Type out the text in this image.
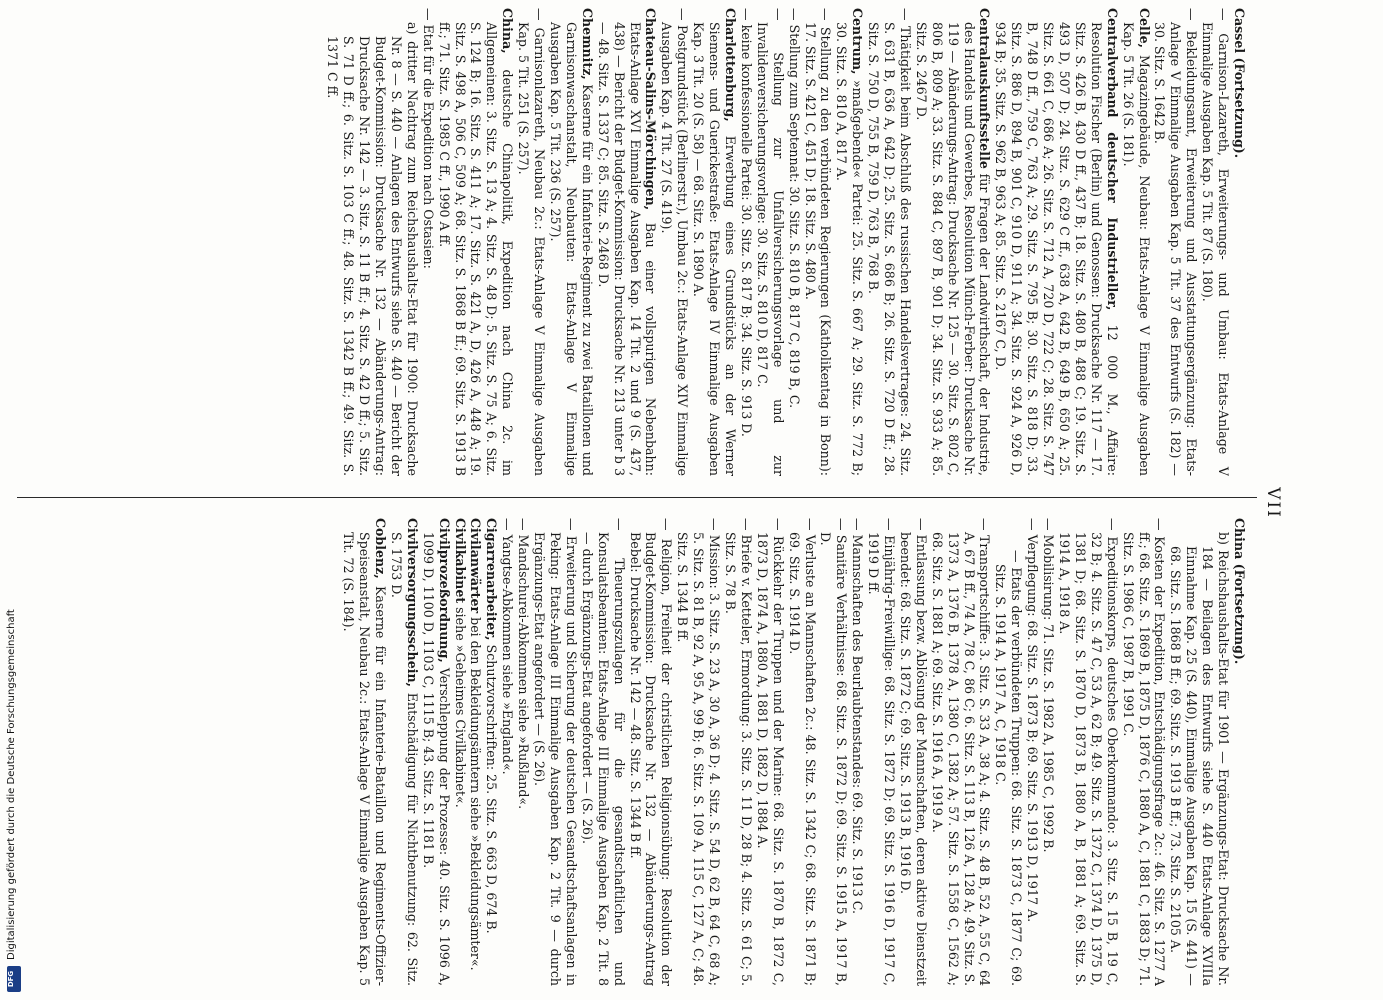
Digitalisierung gefördert durch die Deutsche Forschungsgemeinschaft
DFG
VII

Cassel (Fortsetzung).

— Garnison-Lazareth, Erweiterungs- und Umbau: Etats-Anlage V Einmalige Ausgaben Kap. 5 Tit. 87 (S. 180).

— Bekleidungsamt, Erweiterung und Ausstattungsergänzung: Etats-Anlage V Einmalige Ausgaben Kap. 5 Tit. 37 des Entwurfs (S. 182) — 30. Sitz. S. 1642 B.

Celle, Magazingebäude, Neubau: Etats-Anlage V Einmalige Ausgaben Kap. 5 Tit. 26 (S. 181).

Centralverband deutscher Industrieller, 12 000 M., Affaire: Resolution Fischer (Berlin) und Genossen: Drucksache Nr. 117 — 17. Sitz. S. 426 B, 430 D ff., 437 B; 18. Sitz. S. 480 B, 488 C; 19. Sitz. S. 493 D, 507 D; 24. Sitz. S. 629 C ff., 638 A, 642 B, 649 B, 650 A; 25. Sitz. S. 661 C, 686 A; 26. Sitz. S. 712 A, 720 D, 722 C; 28. Sitz. S. 747 B, 748 D ff., 759 C, 763 A; 29. Sitz. S. 795 B; 30. Sitz. S. 818 D; 33. Sitz. S. 886 D, 894 B, 901 C, 910 D, 911 A; 34. Sitz. S. 924 A, 926 D, 934 B; 35. Sitz. S. 962 B, 963 A; 85. Sitz. S. 2167 C, D.

Centralauskunftsstelle für Fragen der Landwirthschaft, der Industrie, des Handels und Gewerbes, Resolution Münch-Ferber: Drucksache Nr. 119 — Abänderungs-Antrag: Drucksache Nr. 125 — 30. Sitz. S. 802 C, 806 B, 809 A; 33. Sitz. S. 884 C, 897 B, 901 D; 34. Sitz. S. 933 A; 85. Sitz. S. 2467 D.

— Thätigkeit beim Abschluß des russischen Handelsvertrages: 24. Sitz. S. 631 B, 636 A, 642 D; 25. Sitz. S. 686 B; 26. Sitz. S. 720 D ff.; 28. Sitz. S. 750 D, 755 B, 759 D, 763 B, 768 B.

Centrum, »maßgebende« Partei: 25. Sitz. S. 667 A; 29. Sitz. S. 772 B; 30. Sitz. S. 810 A, 817 A.

— Stellung zu den verbündeten Regierungen (Katholikentag in Bonn): 17. Sitz. S. 421 C, 451 D; 18. Sitz. S. 480 A.

— Stellung zum Septennat: 30. Sitz. S. 810 B, 817 C, 819 B, C.

— Stellung zur Unfallversicherungsvorlage und zur Invalidenversicherungsvorlage: 30. Sitz. S. 810 D, 817 C.

— keine konfessionelle Partei: 30. Sitz. S. 817 B; 34. Sitz. S. 913 D.

Charlottenburg, Erwerbung eines Grundstücks an der Werner Siemens- und Guerickestraße: Etats-Anlage IV Einmalige Ausgaben Kap. 3 Tit. 20 (S. 58) — 68. Sitz. S. 1890 A.

— Postgrundstück (Berlinerstr.), Umbau 2c.: Etats-Anlage XIV Einmalige Ausgaben Kap. 4 Tit. 27 (S. 419).

Chateau-Salins-Mörchingen, Bau einer vollspurigen Nebenbahn: Etats-Anlage XVI Einmalige Ausgaben Kap. 14 Tit. 2 und 9 (S. 437, 438) — Bericht der Budget-Kommission: Drucksache Nr. 213 unter b 3 — 48. Sitz. S. 1337 C; 85. Sitz. S. 2468 D.

Chemnitz, Kaserne für ein Infanterie-Regiment zu zwei Bataillonen und Garnisonwaschanstalt, Neubauten: Etats-Anlage V Einmalige Ausgaben Kap. 5 Tit. 236 (S. 257).

— Garnisonlazareth, Neubau 2c.: Etats-Anlage V Einmalige Ausgaben Kap. 5 Tit. 251 (S. 257).

China, deutsche Chinapolitik, Expedition nach China 2c. im Allgemeinen: 3. Sitz. S. 13 A; 4. Sitz. S. 48 D; 5. Sitz. S. 75 A; 6. Sitz. S. 124 B; 16. Sitz. S. 411 A; 17. Sitz. S. 421 A, D, 426 A, 448 A; 19. Sitz. S. 498 A, 506 C, 509 A; 68. Sitz. S. 1868 B ff.; 69. Sitz. S. 1913 B ff.; 71. Sitz. S. 1985 C ff., 1990 A ff.

— Etat für die Expedition nach Ostasien:

a) dritter Nachtrag zum Reichshaushalts-Etat für 1900: Drucksache Nr. 8 — S. 440 — Anlagen des Entwurfs siehe S. 440 — Bericht der Budget-Kommission: Drucksache Nr. 132 — Abänderungs-Antrag: Drucksache Nr. 142 — 3. Sitz. S. 11 B ff.; 4. Sitz. S. 42 D ff.; 5. Sitz. S. 71 D ff.; 6. Sitz. S. 103 C ff.; 48. Sitz. S. 1342 B ff.; 49. Sitz. S. 1371 C ff.

China (Fortsetzung).

b) Reichshaushalts-Etat für 1901 — Ergänzungs-Etat: Drucksache Nr. 184 — Beilagen des Entwurfs siehe S. 440 Etats-Anlage XVIIIa Einnahme Kap. 25 (S. 440), Einmalige Ausgaben Kap. 15 (S. 441) — 68. Sitz. S. 1868 B ff.; 69. Sitz. S. 1913 B ff.; 73. Sitz. S. 2105 A.

— Kosten der Expedition, Entschädigungsfrage 2c.: 46. Sitz. S. 1277 A ff.; 68. Sitz. S. 1869 B, 1875 D, 1876 C, 1880 A, C, 1881 C, 1883 D; 71. Sitz. S. 1986 C, 1987 B, 1991 C.

— Expeditionskorps, deutsches Oberkommando: 3. Sitz. S. 15 B, 19 C, 32 B; 4. Sitz. S. 47 C, 53 A, 62 B; 49. Sitz. S. 1372 C, 1374 D, 1375 D, 1381 D; 68. Sitz. S. 1870 D, 1873 B, 1880 A, B, 1881 A; 69. Sitz. S. 1914 A, 1918 A.

— Mobilisirung: 71. Sitz. S. 1982 A, 1985 C, 1992 B.

— Verpflegung: 68. Sitz. S. 1873 B; 69. Sitz. S. 1913 D, 1917 A.

— Etats der verbündeten Truppen: 68. Sitz. S. 1873 C, 1877 C; 69. Sitz. S. 1914 A, 1917 A, C, 1918 C.

— Transportschiffe: 3. Sitz. S. 33 A, 38 A; 4. Sitz. S. 48 B, 52 A, 55 C, 64 A, 67 B ff., 74 A, 78 C, 86 C; 6. Sitz. S. 113 B, 126 A, 128 A; 49. Sitz. S. 1373 A, 1376 B, 1378 A, 1380 C, 1382 A; 57. Sitz. S. 1558 C, 1562 A; 68. Sitz. S. 1881 A; 69. Sitz. S. 1916 A, 1919 A.

— Entlassung bezw. Ablösung der Mannschaften, deren aktive Dienstzeit beendet: 68. Sitz. S. 1872 C; 69. Sitz. S. 1913 B, 1916 D.

— Einjährig-Freiwillige: 68. Sitz. S. 1872 D; 69. Sitz. S. 1916 D, 1917 C, 1919 D ff.

— Mannschaften des Beurlaubtenstandes: 69. Sitz. S. 1913 C.

— Sanitäre Verhältnisse: 68. Sitz. S. 1872 D; 69. Sitz. S. 1915 A, 1917 B, D.

— Verluste an Mannschaften 2c.: 48. Sitz. S. 1342 C; 68. Sitz. S. 1871 B; 69. Sitz. S. 1914 D.

— Rückkehr der Truppen und der Marine: 68. Sitz. S. 1870 B, 1872 C, 1873 D, 1874 A, 1880 A, 1881 D, 1882 D, 1884 A.

— Briefe v. Ketteler, Ermordung: 3. Sitz. S. 11 D, 28 B; 4. Sitz. S. 61 C; 5. Sitz. S. 78 B.

— Mission: 3. Sitz. S. 23 A, 30 A, 36 D; 4. Sitz. S. 54 D, 62 B, 64 C, 68 A; 5. Sitz. S. 81 B, 92 A, 95 A, 99 B; 6. Sitz. S. 109 A, 115 C, 127 A, C; 48. Sitz. S. 1344 B ff.

— Religion, Freiheit der christlichen Religionsübung: Resolution der Budget-Kommission: Drucksache Nr. 132 — Abänderungs-Antrag Bebel: Drucksache Nr. 142 — 48. Sitz. S. 1344 B ff.

— Theuerungszulagen für die gesandtschaftlichen und Konsulatsbeamten: Etats-Anlage III Einmalige Ausgaben Kap. 2 Tit. 8 — durch Ergänzungs-Etat angefordert — (S. 26).

— Erweiterung und Sicherung der deutschen Gesandtschaftsanlagen in Peking: Etats-Anlage III Einmalige Ausgaben Kap. 2 Tit. 9 — durch Ergänzungs-Etat angefordert — (S. 26).

— Mandschurei-Abkommen siehe »Rußland«.

— Yangtse-Abkommen siehe »England«.

Cigarrenarbeiter, Schutzvorschriften: 25. Sitz. S. 663 D, 674 B.

Civilanwärter bei den Bekleidungsämtern siehe »Bekleidungsämter«.

Civilkabinet siehe »Geheimes Civilkabinet«.

Civilprozeßordnung, Verschleppung der Prozesse: 40. Sitz. S. 1096 A, 1099 D, 1100 D, 1103 C, 1115 B; 43. Sitz. S. 1181 B.

Civilversorgungsschein, Entschädigung für Nichtbenutzung: 62. Sitz. S. 1753 D.

Coblenz, Kaserne für ein Infanterie-Bataillon und Regiments-Offizier-Speiseanstalt, Neubau 2c.: Etats-Anlage V Einmalige Ausgaben Kap. 5 Tit. 72 (S. 184).
